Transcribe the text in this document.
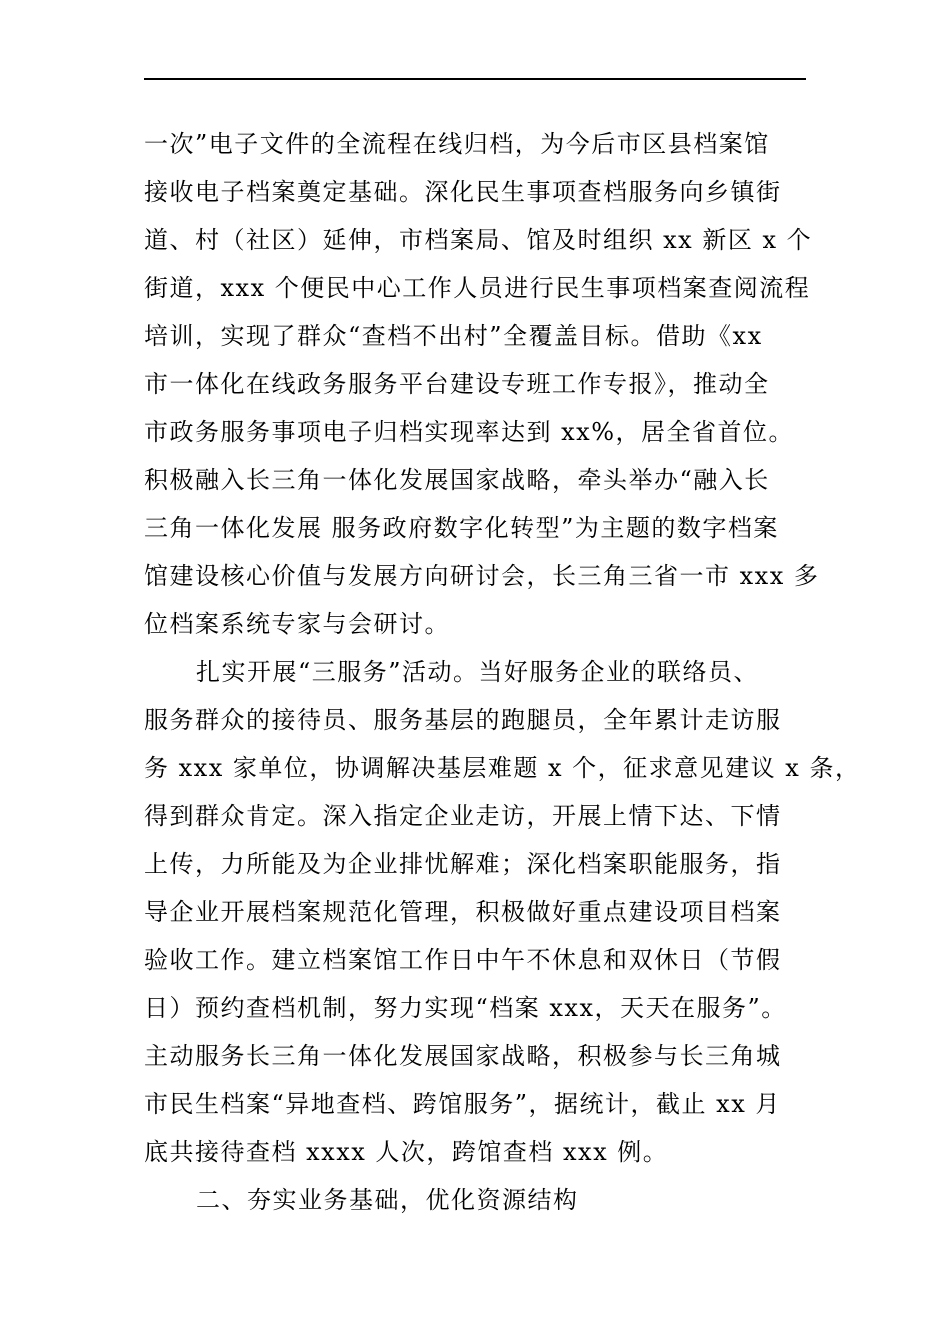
一次”电子文件的全流程在线归档，为今后市区县档案馆
接收电子档案奠定基础。深化民生事项查档服务向乡镇街
道、村（社区）延伸，市档案局、馆及时组织 xx 新区 x 个
街道，xxx 个便民中心工作人员进行民生事项档案查阅流程
培训，实现了群众“查档不出村”全覆盖目标。借助《xx
市一体化在线政务服务平台建设专班工作专报》，推动全
市政务服务事项电子归档实现率达到 xx%，居全省首位。
积极融入长三角一体化发展国家战略，牵头举办“融入长
三角一体化发展 服务政府数字化转型”为主题的数字档案
馆建设核心价值与发展方向研讨会，长三角三省一市 xxx 多
位档案系统专家与会研讨。
扎实开展“三服务”活动。当好服务企业的联络员、
服务群众的接待员、服务基层的跑腿员，全年累计走访服
务 xxx 家单位，协调解决基层难题 x 个，征求意见建议 x 条，
得到群众肯定。深入指定企业走访，开展上情下达、下情
上传，力所能及为企业排忧解难；深化档案职能服务，指
导企业开展档案规范化管理，积极做好重点建设项目档案
验收工作。建立档案馆工作日中午不休息和双休日（节假
日）预约查档机制，努力实现“档案 xxx，天天在服务”。
主动服务长三角一体化发展国家战略，积极参与长三角城
市民生档案“异地查档、跨馆服务”，据统计，截止 xx 月
底共接待查档 xxxx 人次，跨馆查档 xxx 例。
二、夯实业务基础，优化资源结构
